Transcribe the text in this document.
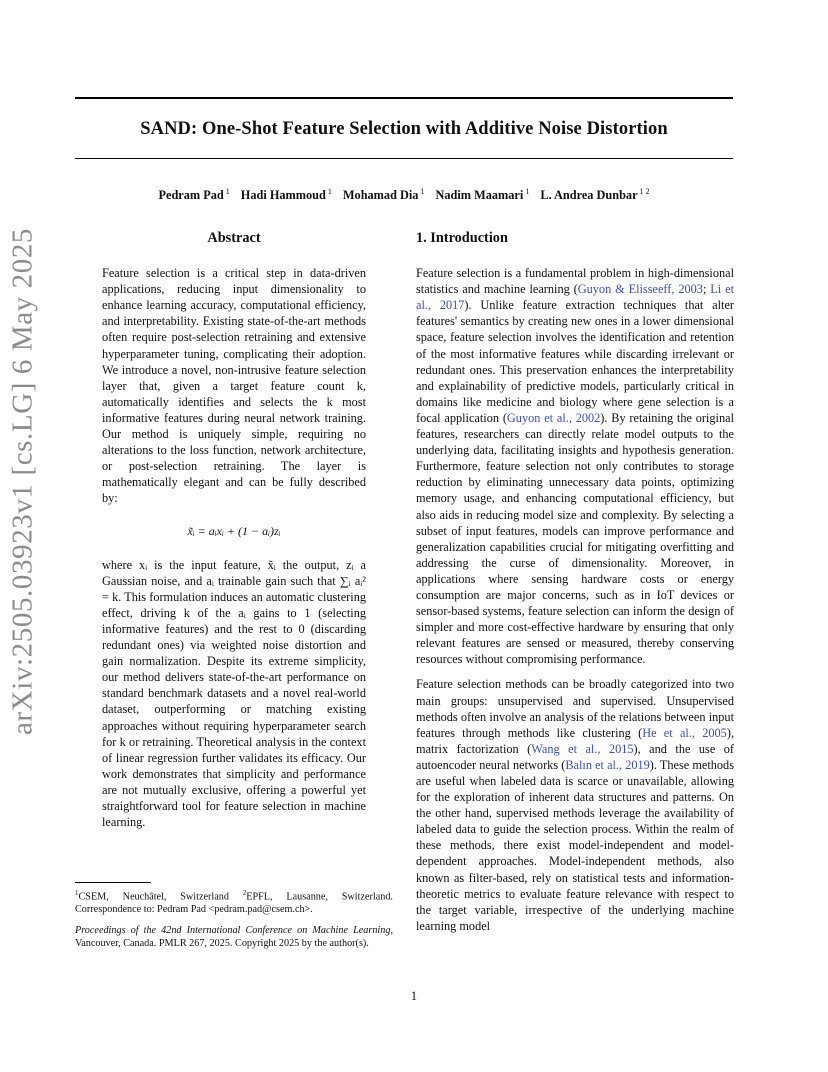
SAND: One-Shot Feature Selection with Additive Noise Distortion
Pedram Pad $^1$ Hadi Hammoud $^1$ Mohamad Dia $^1$ Nadim Maamari $^1$ L. Andrea Dunbar $^{1 2}$
arXiv:2505.03923v1 [cs.LG] 6 May 2025	Abstract

Feature selection is a critical step in data-driven applications, reducing input dimensionality to enhance learning accuracy, computational efficiency, and interpretability. Existing state-of-the-art methods often require post-selection retraining and extensive hyperparameter tuning, complicating their adoption. We introduce a novel, non-intrusive feature selection layer that, given a target feature count k, automatically identifies and selects the k most informative features during neural network training. Our method is uniquely simple, requiring no alterations to the loss function, network architecture, or post-selection retraining. The layer is mathematically elegant and can be fully described by:

x̃ᵢ = aᵢxᵢ + (1 − aᵢ)zᵢ

where xᵢ is the input feature, x̃ᵢ the output, zᵢ a Gaussian noise, and aᵢ trainable gain such that ∑ᵢ aᵢ² = k. This formulation induces an automatic clustering effect, driving k of the aᵢ gains to 1 (selecting informative features) and the rest to 0 (discarding redundant ones) via weighted noise distortion and gain normalization. Despite its extreme simplicity, our method delivers state-of-the-art performance on standard benchmark datasets and a novel real-world dataset, outperforming or matching existing approaches without requiring hyperparameter search for k or retraining. Theoretical analysis in the context of linear regression further validates its efficacy. Our work demonstrates that simplicity and performance are not mutually exclusive, offering a powerful yet straightforward tool for feature selection in machine learning.

$^1$CSEM, Neuchâtel, Switzerland $^2$EPFL, Lausanne, Switzerland. Correspondence to: Pedram Pad <pedram.pad@csem.ch>.
Proceedings of the 42nd International Conference on Machine Learning, Vancouver, Canada. PMLR 267, 2025. Copyright 2025 by the author(s).
1. Introduction

Feature selection is a fundamental problem in high-dimensional statistics and machine learning (Guyon & Elisseeff, 2003; Li et al., 2017). Unlike feature extraction techniques that alter features' semantics by creating new ones in a lower dimensional space, feature selection involves the identification and retention of the most informative features while discarding irrelevant or redundant ones. This preservation enhances the interpretability and explainability of predictive models, particularly critical in domains like medicine and biology where gene selection is a focal application (Guyon et al., 2002). By retaining the original features, researchers can directly relate model outputs to the underlying data, facilitating insights and hypothesis generation. Furthermore, feature selection not only contributes to storage reduction by eliminating unnecessary data points, optimizing memory usage, and enhancing computational efficiency, but also aids in reducing model size and complexity. By selecting a subset of input features, models can improve performance and generalization capabilities crucial for mitigating overfitting and addressing the curse of dimensionality. Moreover, in applications where sensing hardware costs or energy consumption are major concerns, such as in IoT devices or sensor-based systems, feature selection can inform the design of simpler and more cost-effective hardware by ensuring that only relevant features are sensed or measured, thereby conserving resources without compromising performance.

Feature selection methods can be broadly categorized into two main groups: unsupervised and supervised. Unsupervised methods often involve an analysis of the relations between input features through methods like clustering (He et al., 2005), matrix factorization (Wang et al., 2015), and the use of autoencoder neural networks (Balın et al., 2019). These methods are useful when labeled data is scarce or unavailable, allowing for the exploration of inherent data structures and patterns. On the other hand, supervised methods leverage the availability of labeled data to guide the selection process. Within the realm of these methods, there exist model-independent and model-dependent approaches. Model-independent methods, also known as filter-based, rely on statistical tests and information-theoretic metrics to evaluate feature relevance with respect to the target variable, irrespective of the underlying machine learning model

1
